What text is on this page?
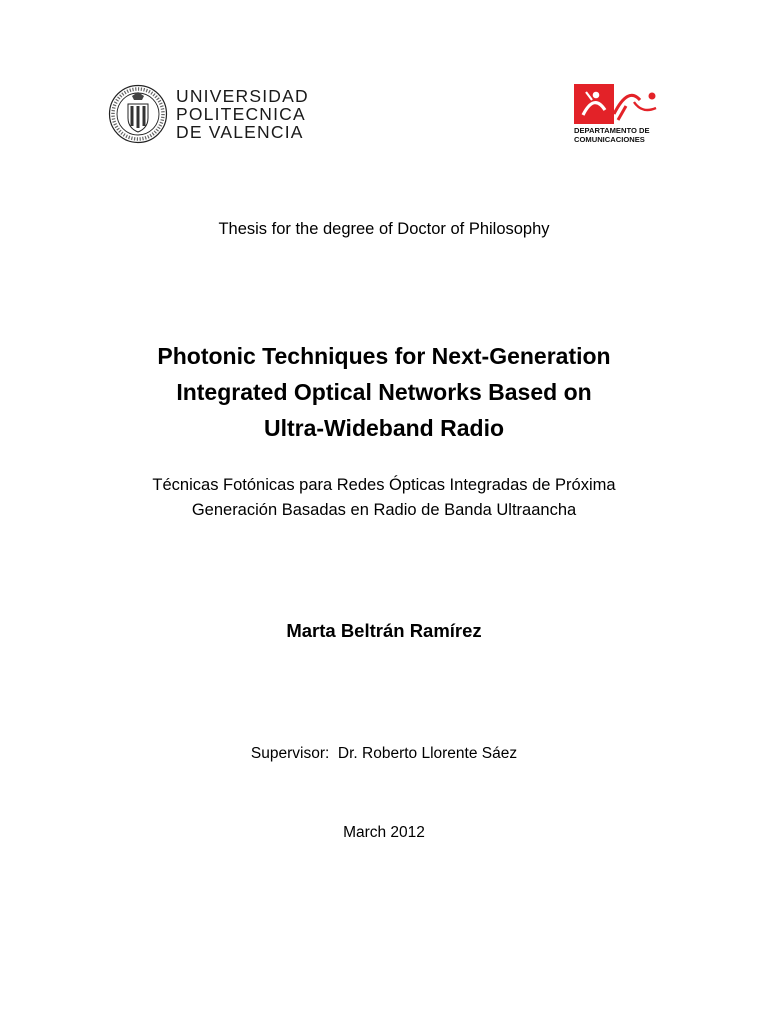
UNIVERSIDAD
POLITECNICA
DE VALENCIA	DEPARTAMENTO DE
COMUNICACIONES
Thesis for the degree of Doctor of Philosophy
Photonic Techniques for Next-Generation
Integrated Optical Networks Based on
Ultra-Wideband Radio
Técnicas Fotónicas para Redes Ópticas Integradas de Próxima
Generación Basadas en Radio de Banda Ultraancha
Marta Beltrán Ramírez
Supervisor:  Dr. Roberto Llorente Sáez
March 2012
